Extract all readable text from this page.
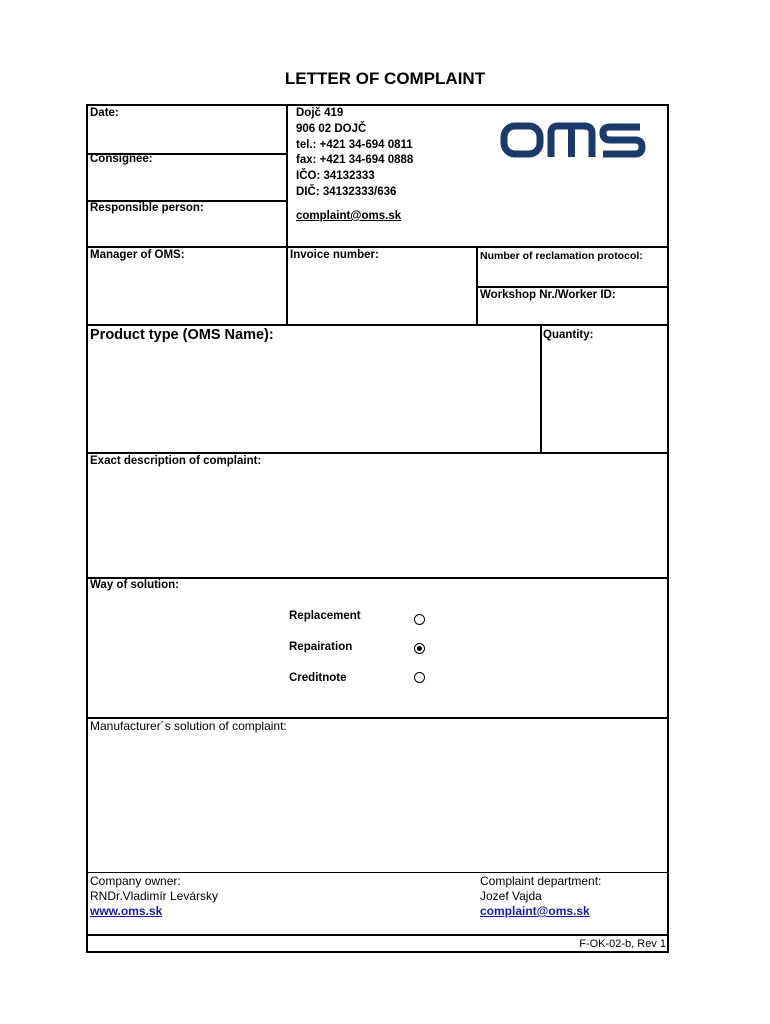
LETTER OF COMPLAINT
Date:
Consignee:
Responsible person:
Dojč 419
906 02 DOJČ
tel.: +421 34-694 0811
fax: +421 34-694 0888
IČO: 34132333
DIČ: 34132333/636
complaint@oms.sk
Manager of OMS:	Invoice number:	Number of reclamation protocol:
Workshop Nr./Worker ID:
Product type (OMS Name):	Quantity:
Exact description of complaint:
Way of solution:
Replacement
Repairation
Creditnote
Manufacturer´s solution of complaint:
Company owner:
RNDr.Vladimír Levársky
www.oms.sk
Complaint department:
Jozef Vajda
complaint@oms.sk
F-OK-02-b, Rev 1
